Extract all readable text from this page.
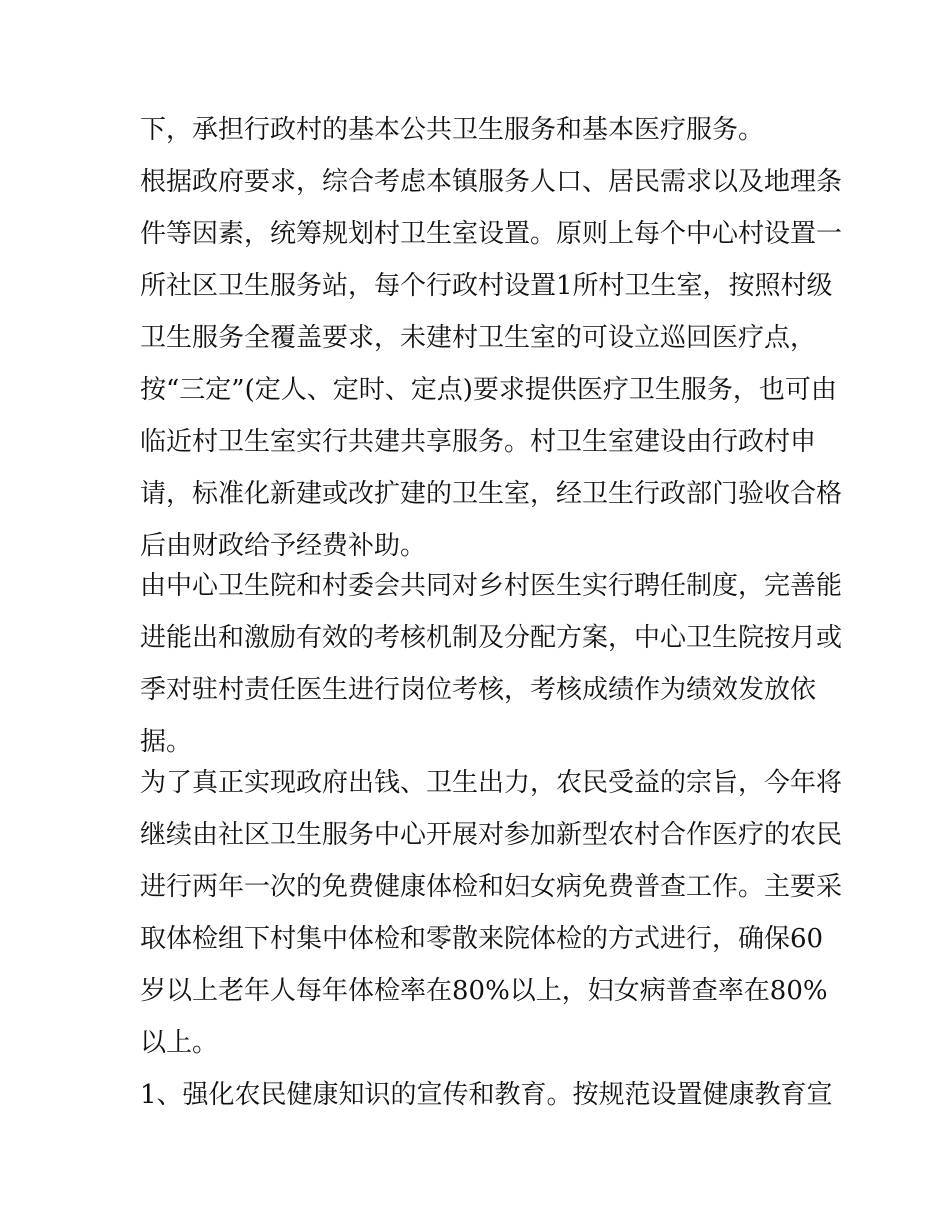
下，承担行政村的基本公共卫生服务和基本医疗服务。
根据政府要求，综合考虑本镇服务人口、居民需求以及地理条
件等因素，统筹规划村卫生室设置。原则上每个中心村设置一
所社区卫生服务站，每个行政村设置1所村卫生室，按照村级
卫生服务全覆盖要求，未建村卫生室的可设立巡回医疗点，
按“三定”(定人、定时、定点)要求提供医疗卫生服务，也可由
临近村卫生室实行共建共享服务。村卫生室建设由行政村申
请，标准化新建或改扩建的卫生室，经卫生行政部门验收合格
后由财政给予经费补助。
由中心卫生院和村委会共同对乡村医生实行聘任制度，完善能
进能出和激励有效的考核机制及分配方案，中心卫生院按月或
季对驻村责任医生进行岗位考核，考核成绩作为绩效发放依
据。
为了真正实现政府出钱、卫生出力，农民受益的宗旨，今年将
继续由社区卫生服务中心开展对参加新型农村合作医疗的农民
进行两年一次的免费健康体检和妇女病免费普查工作。主要采
取体检组下村集中体检和零散来院体检的方式进行，确保60
岁以上老年人每年体检率在80%以上，妇女病普查率在80%
以上。
1、强化农民健康知识的宣传和教育。按规范设置健康教育宣
